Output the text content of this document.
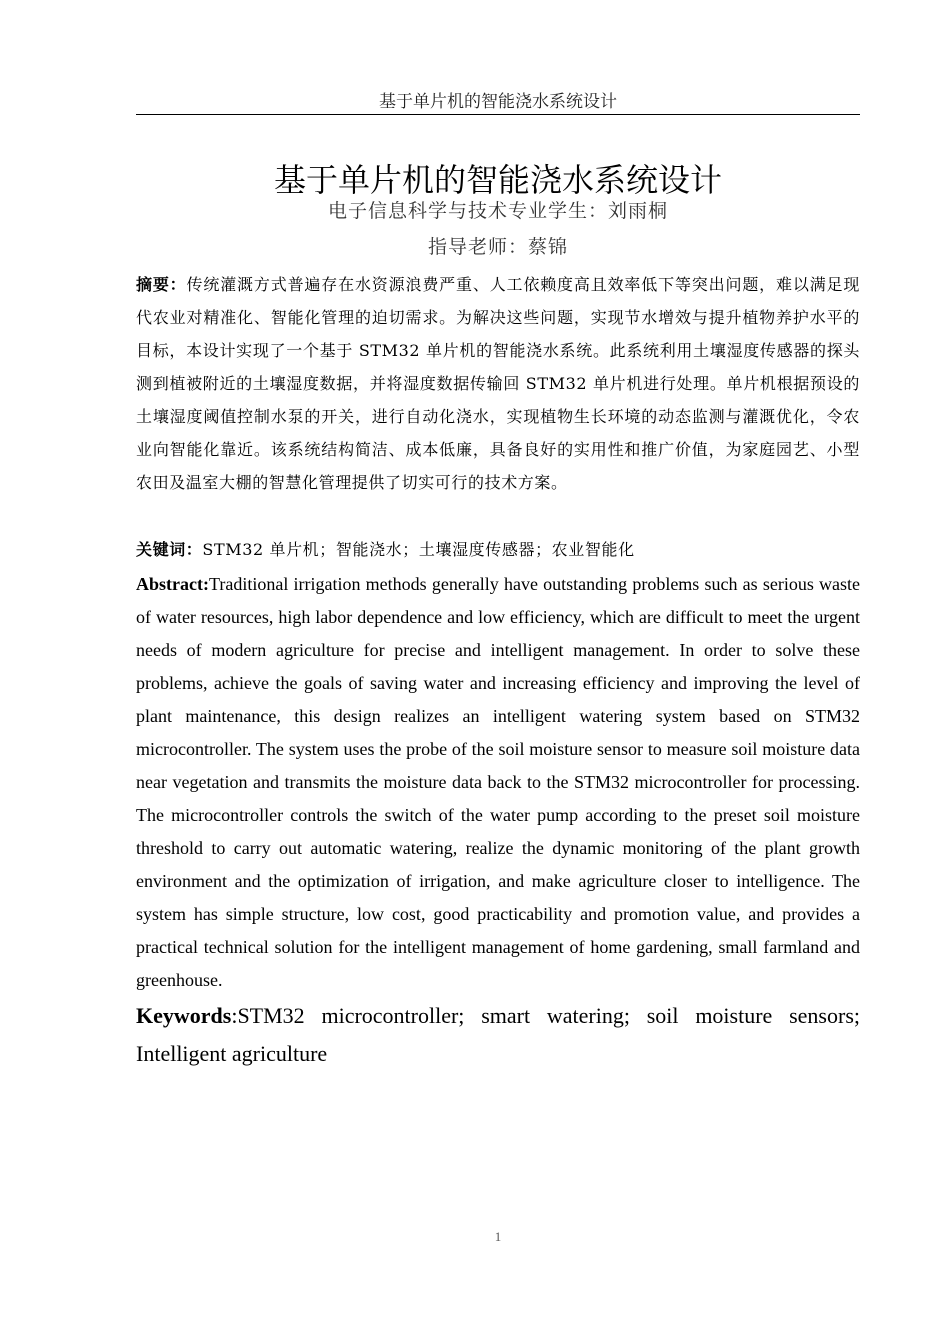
基于单片机的智能浇水系统设计
基于单片机的智能浇水系统设计
电子信息科学与技术专业学生：刘雨桐
指导老师：蔡锦

摘要：传统灌溉方式普遍存在水资源浪费严重、人工依赖度高且效率低下等突出问题，难以满足现代农业对精准化、智能化管理的迫切需求。为解决这些问题，实现节水增效与提升植物养护水平的目标，本设计实现了一个基于 STM32 单片机的智能浇水系统。此系统利用土壤湿度传感器的探头测到植被附近的土壤湿度数据，并将湿度数据传输回 STM32 单片机进行处理。单片机根据预设的土壤湿度阈值控制水泵的开关，进行自动化浇水，实现植物生长环境的动态监测与灌溉优化，令农业向智能化靠近。该系统结构简洁、成本低廉，具备良好的实用性和推广价值，为家庭园艺、小型农田及温室大棚的智慧化管理提供了切实可行的技术方案。

关键词：STM32 单片机；智能浇水；土壤湿度传感器；农业智能化

Abstract:Traditional irrigation methods generally have outstanding problems such as serious waste of water resources, high labor dependence and low efficiency, which are difficult to meet the urgent needs of modern agriculture for precise and intelligent management. In order to solve these problems, achieve the goals of saving water and increasing efficiency and improving the level of plant maintenance, this design realizes an intelligent watering system based on STM32 microcontroller. The system uses the probe of the soil moisture sensor to measure soil moisture data near vegetation and transmits the moisture data back to the STM32 microcontroller for processing. The microcontroller controls the switch of the water pump according to the preset soil moisture threshold to carry out automatic watering, realize the dynamic monitoring of the plant growth environment and the optimization of irrigation, and make agriculture closer to intelligence. The system has simple structure, low cost, good practicability and promotion value, and provides a practical technical solution for the intelligent management of home gardening, small farmland and greenhouse.

Keywords:STM32 microcontroller; smart watering; soil moisture sensors; Intelligent agriculture

1
